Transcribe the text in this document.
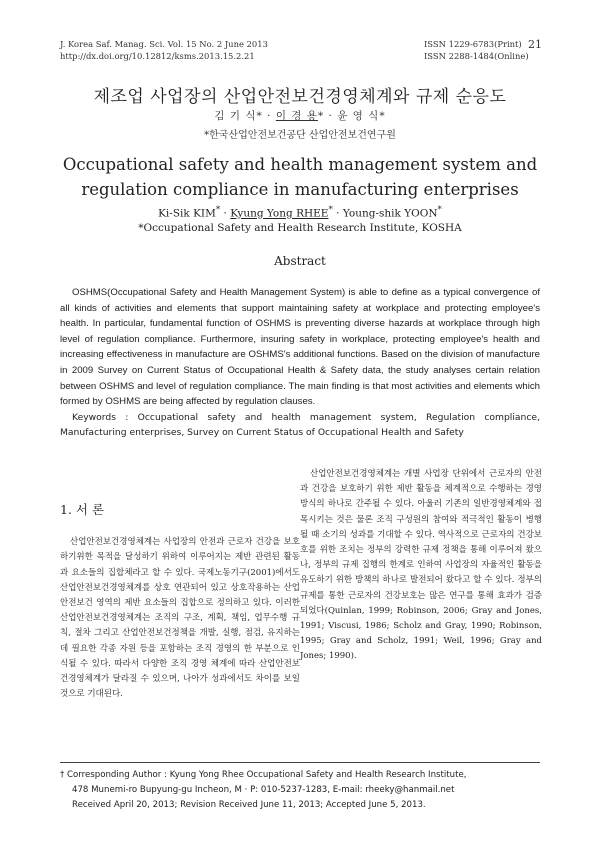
J. Korea Saf. Manag. Sci. Vol. 15 No. 2 June 2013
http://dx.doi.org/10.12812/ksms.2013.15.2.21
ISSN 1229-6783(Print)
ISSN 2288-1484(Online)
21
제조업 사업장의 산업안전보건경영체계와 규제 순응도
김 기 식* · 이 경 용* · 윤 영 식*
*한국산업안전보건공단 산업안전보건연구원
Occupational safety and health management system and
regulation compliance in manufacturing enterprises
Ki-Sik KIM* · Kyung Yong RHEE* · Young-shik YOON*
*Occupational Safety and Health Research Institute, KOSHA
Abstract

OSHMS(Occupational Safety and Health Management System) is able to define as a typical convergence of all kinds of activities and elements that support maintaining safety at workplace and protecting employee's health. In particular, fundamental function of OSHMS is preventing diverse hazards at workplace through high level of regulation compliance. Furthermore, insuring safety in workplace, protecting employee's health and increasing effectiveness in manufacture are OSHMS's additional functions. Based on the division of manufacture in 2009 Survey on Current Status of Occupational Health & Safety data, the study analyses certain relation between OSHMS and level of regulation compliance. The main finding is that most activities and elements which formed by OSHMS are being affected by regulation clauses.

Keywords : Occupational safety and health management system, Regulation compliance, Manufacturing enterprises, Survey on Current Status of Occupational Health and Safety

1. 서 론

산업안전보건경영체계는 사업장의 안전과 근로자 건강을 보호하기위한 목적을 달성하기 위하여 이루어지는 제반 관련된 활동과 요소들의 집합체라고 할 수 있다. 국제노동기구(2001)에서도 산업안전보건경영체계를 상호 연관되어 있고 상호작용하는 산업안전보건 영역의 제반 요소들의 집합으로 정의하고 있다. 이러한 산업안전보건경영체계는 조직의 구조, 계획, 책임, 업무수행 규칙, 절차 그리고 산업안전보건정책을 개발, 실행, 점검, 유지하는데 필요한 각종 자원 등을 포함하는 조직 경영의 한 부분으로 인식될 수 있다. 따라서 다양한 조직 경영 체계에 따라 산업안전보건경영체계가 달라질 수 있으며, 나아가 성과에서도 차이를 보일 것으로 기대된다.

산업안전보건경영체계는 개별 사업장 단위에서 근로자의 안전과 건강을 보호하기 위한 제반 활동을 체계적으로 수행하는 경영방식의 하나로 간주될 수 있다. 아울러 기존의 일반경영체계와 접목시키는 것은 물론 조직 구성원의 참여와 적극적인 활동이 병행될 때 소기의 성과를 기대할 수 있다. 역사적으로 근로자의 건강보호를 위한 조치는 정부의 강력한 규제 정책을 통해 이루어져 왔으나, 정부의 규제 집행의 한계로 인하여 사업장의 자율적인 활동을 유도하기 위한 방책의 하나로 발전되어 왔다고 할 수 있다. 정부의 규제를 통한 근로자의 건강보호는 많은 연구를 통해 효과가 검증되었다(Quinlan, 1999; Robinson, 2006; Gray and Jones, 1991; Viscusi, 1986; Scholz and Gray, 1990; Robinson, 1995; Gray and Scholz, 1991; Weil, 1996; Gray and Jones; 1990).

† Corresponding Author : Kyung Yong Rhee Occupational Safety and Health Research Institute,
478 Munemi-ro Bupyung-gu Incheon, M · P: 010-5237-1283, E-mail: rheeky@hanmail.net
Received April 20, 2013; Revision Received June 11, 2013; Accepted June 5, 2013.
